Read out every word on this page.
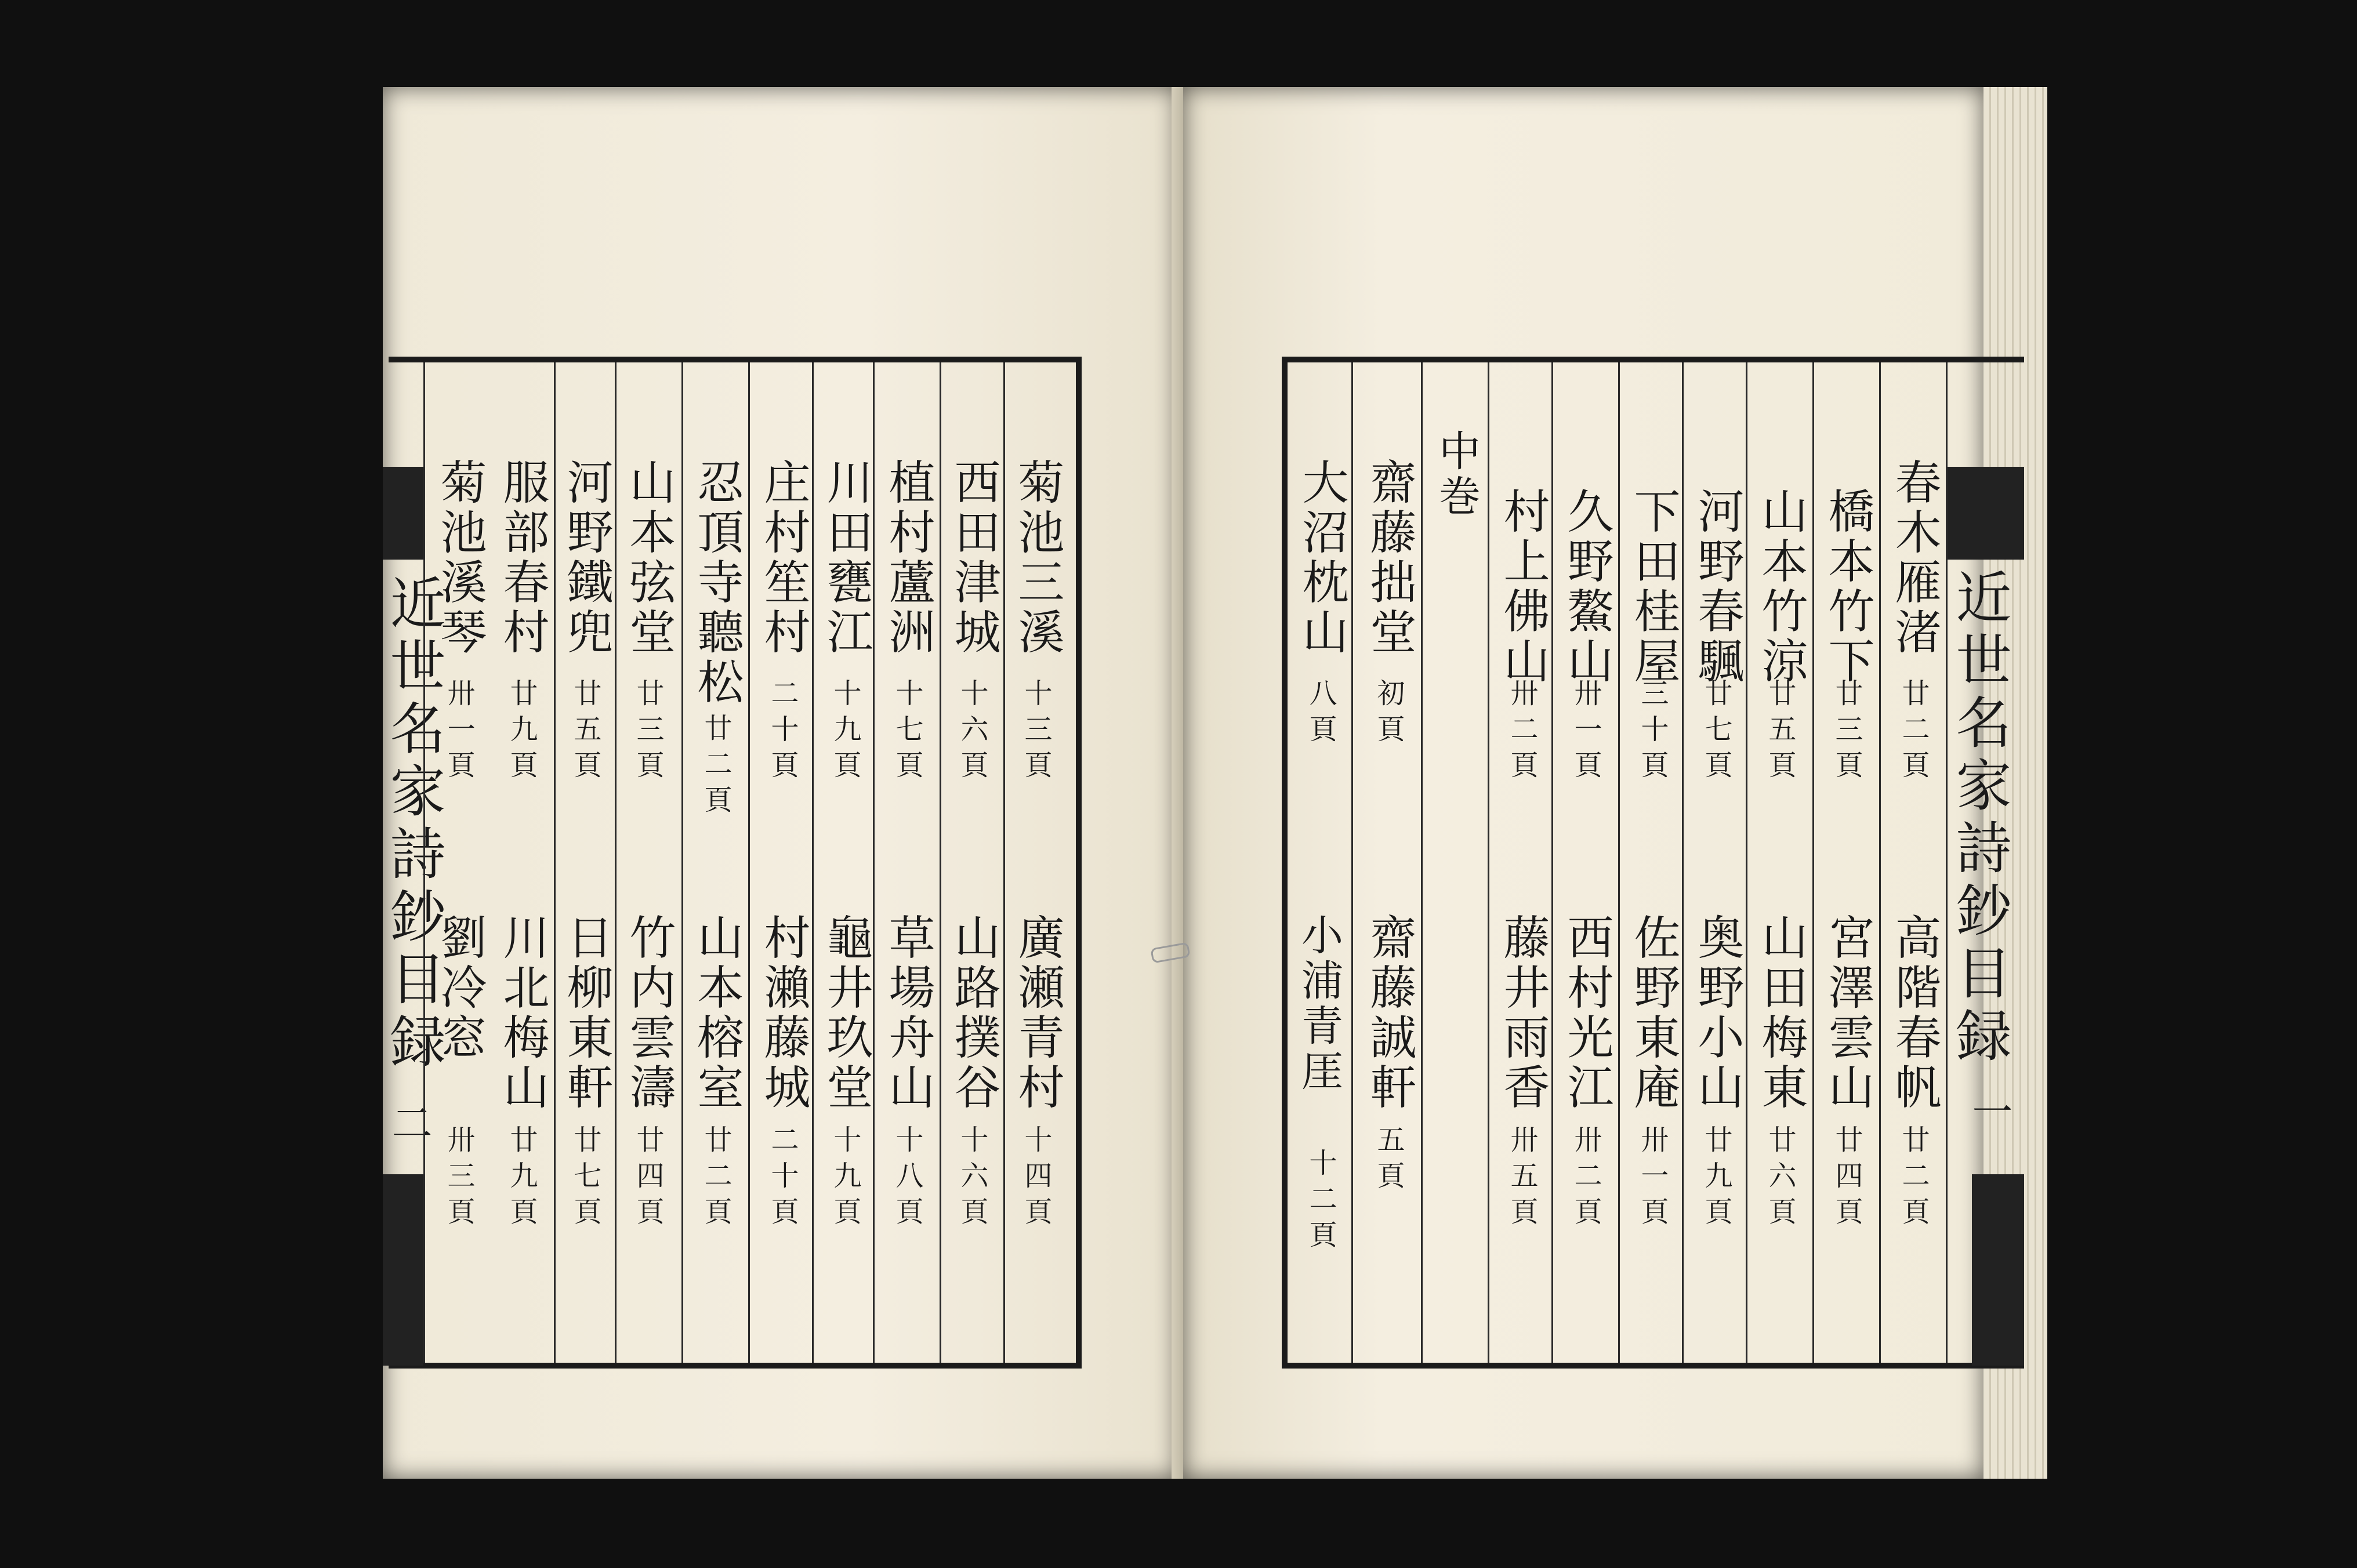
近世名家詩鈔目録
二
菊池三溪
十三頁
廣瀬青村
十四頁
西田津城
十六頁
山路撲谷
十六頁
植村蘆洲
十七頁
草場舟山
十八頁
川田甕江
十九頁
龜井玖堂
十九頁
庄村笙村
二十頁
村瀨藤城
二十頁
忍頂寺聽松
廿二頁
山本榕室
廿二頁
山本弦堂
廿三頁
竹内雲濤
廿四頁
河野鐵兜
廿五頁
日柳東軒
廿七頁
服部春村
廿九頁
川北梅山
廿九頁
菊池溪琴
卅一頁
劉冷窓
卅三頁
近世名家詩鈔目録
一
春木雁渚
廿二頁
高階春帆
廿二頁
橋本竹下
廿三頁
宮澤雲山
廿四頁
山本竹涼
廿五頁
山田梅東
廿六頁
河野春颿
廿七頁
奥野小山
廿九頁
下田桂屋
三十頁
佐野東庵
卅一頁
久野鰲山
卅一頁
西村光江
卅二頁
村上佛山
卅二頁
藤井雨香
卅五頁
中巻
齋藤拙堂
初頁
齋藤誠軒
五頁
大沼枕山
八頁
小浦青厓
十二頁
